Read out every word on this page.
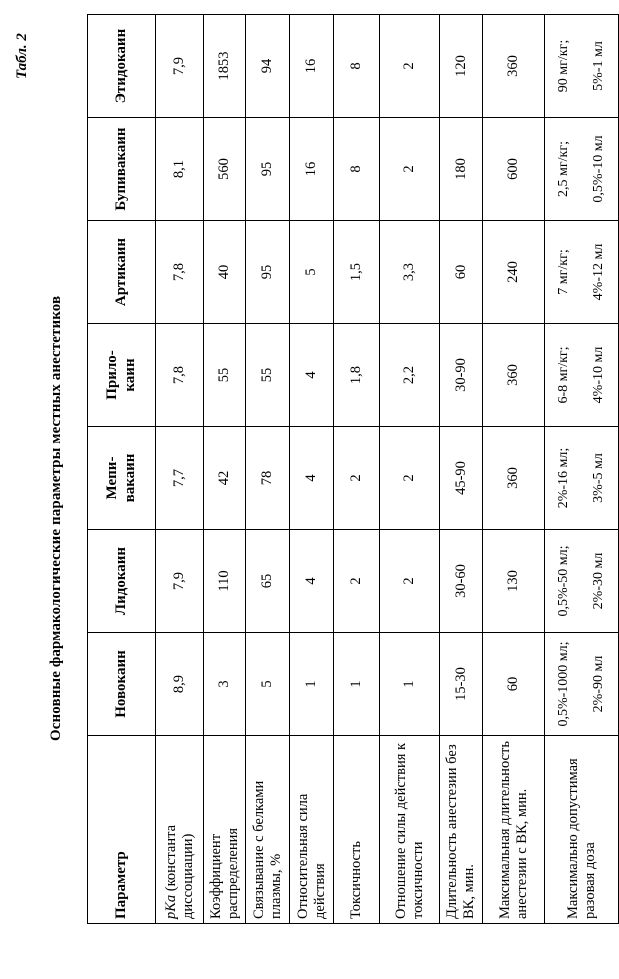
Табл. 2
Основные фармакологические параметры местных анестетиков
Параметр	Новокаин	Лидокаин	Мепи- вакаин	Прило- каин	Артикаин	Бупивакаин	Этидокаин

pKa (константа диссоциации)	8,9	7,9	7,7	7,8	7,8	8,1	7,9
Коэффициент распределения	3	110	42	55	40	560	1853
Связывание с белками плазмы, %	5	65	78	55	95	95	94
Относительная сила действия	1	4	4	4	5	16	16
Токсичность	1	2	2	1,8	1,5	8	8
Отношение силы действия к токсичности	1	2	2	2,2	3,3	2	2
Длительность анестезии без ВК, мин.	15-30	30-60	45-90	30-90	60	180	120
Максимальная длительность анестезии с ВК, мин.	60	130	360	360	240	600	360
Максимально допустимая разовая доза	0,5%-1000 мл; 2%-90 мл	0,5%-50 мл; 2%-30 мл	2%-16 мл; 3%-5 мл	6-8 мг/кг; 4%-10 мл	7 мг/кг; 4%-12 мл	2,5 мг/кг; 0,5%-10 мл	90 мг/кг; 5%-1 мл
